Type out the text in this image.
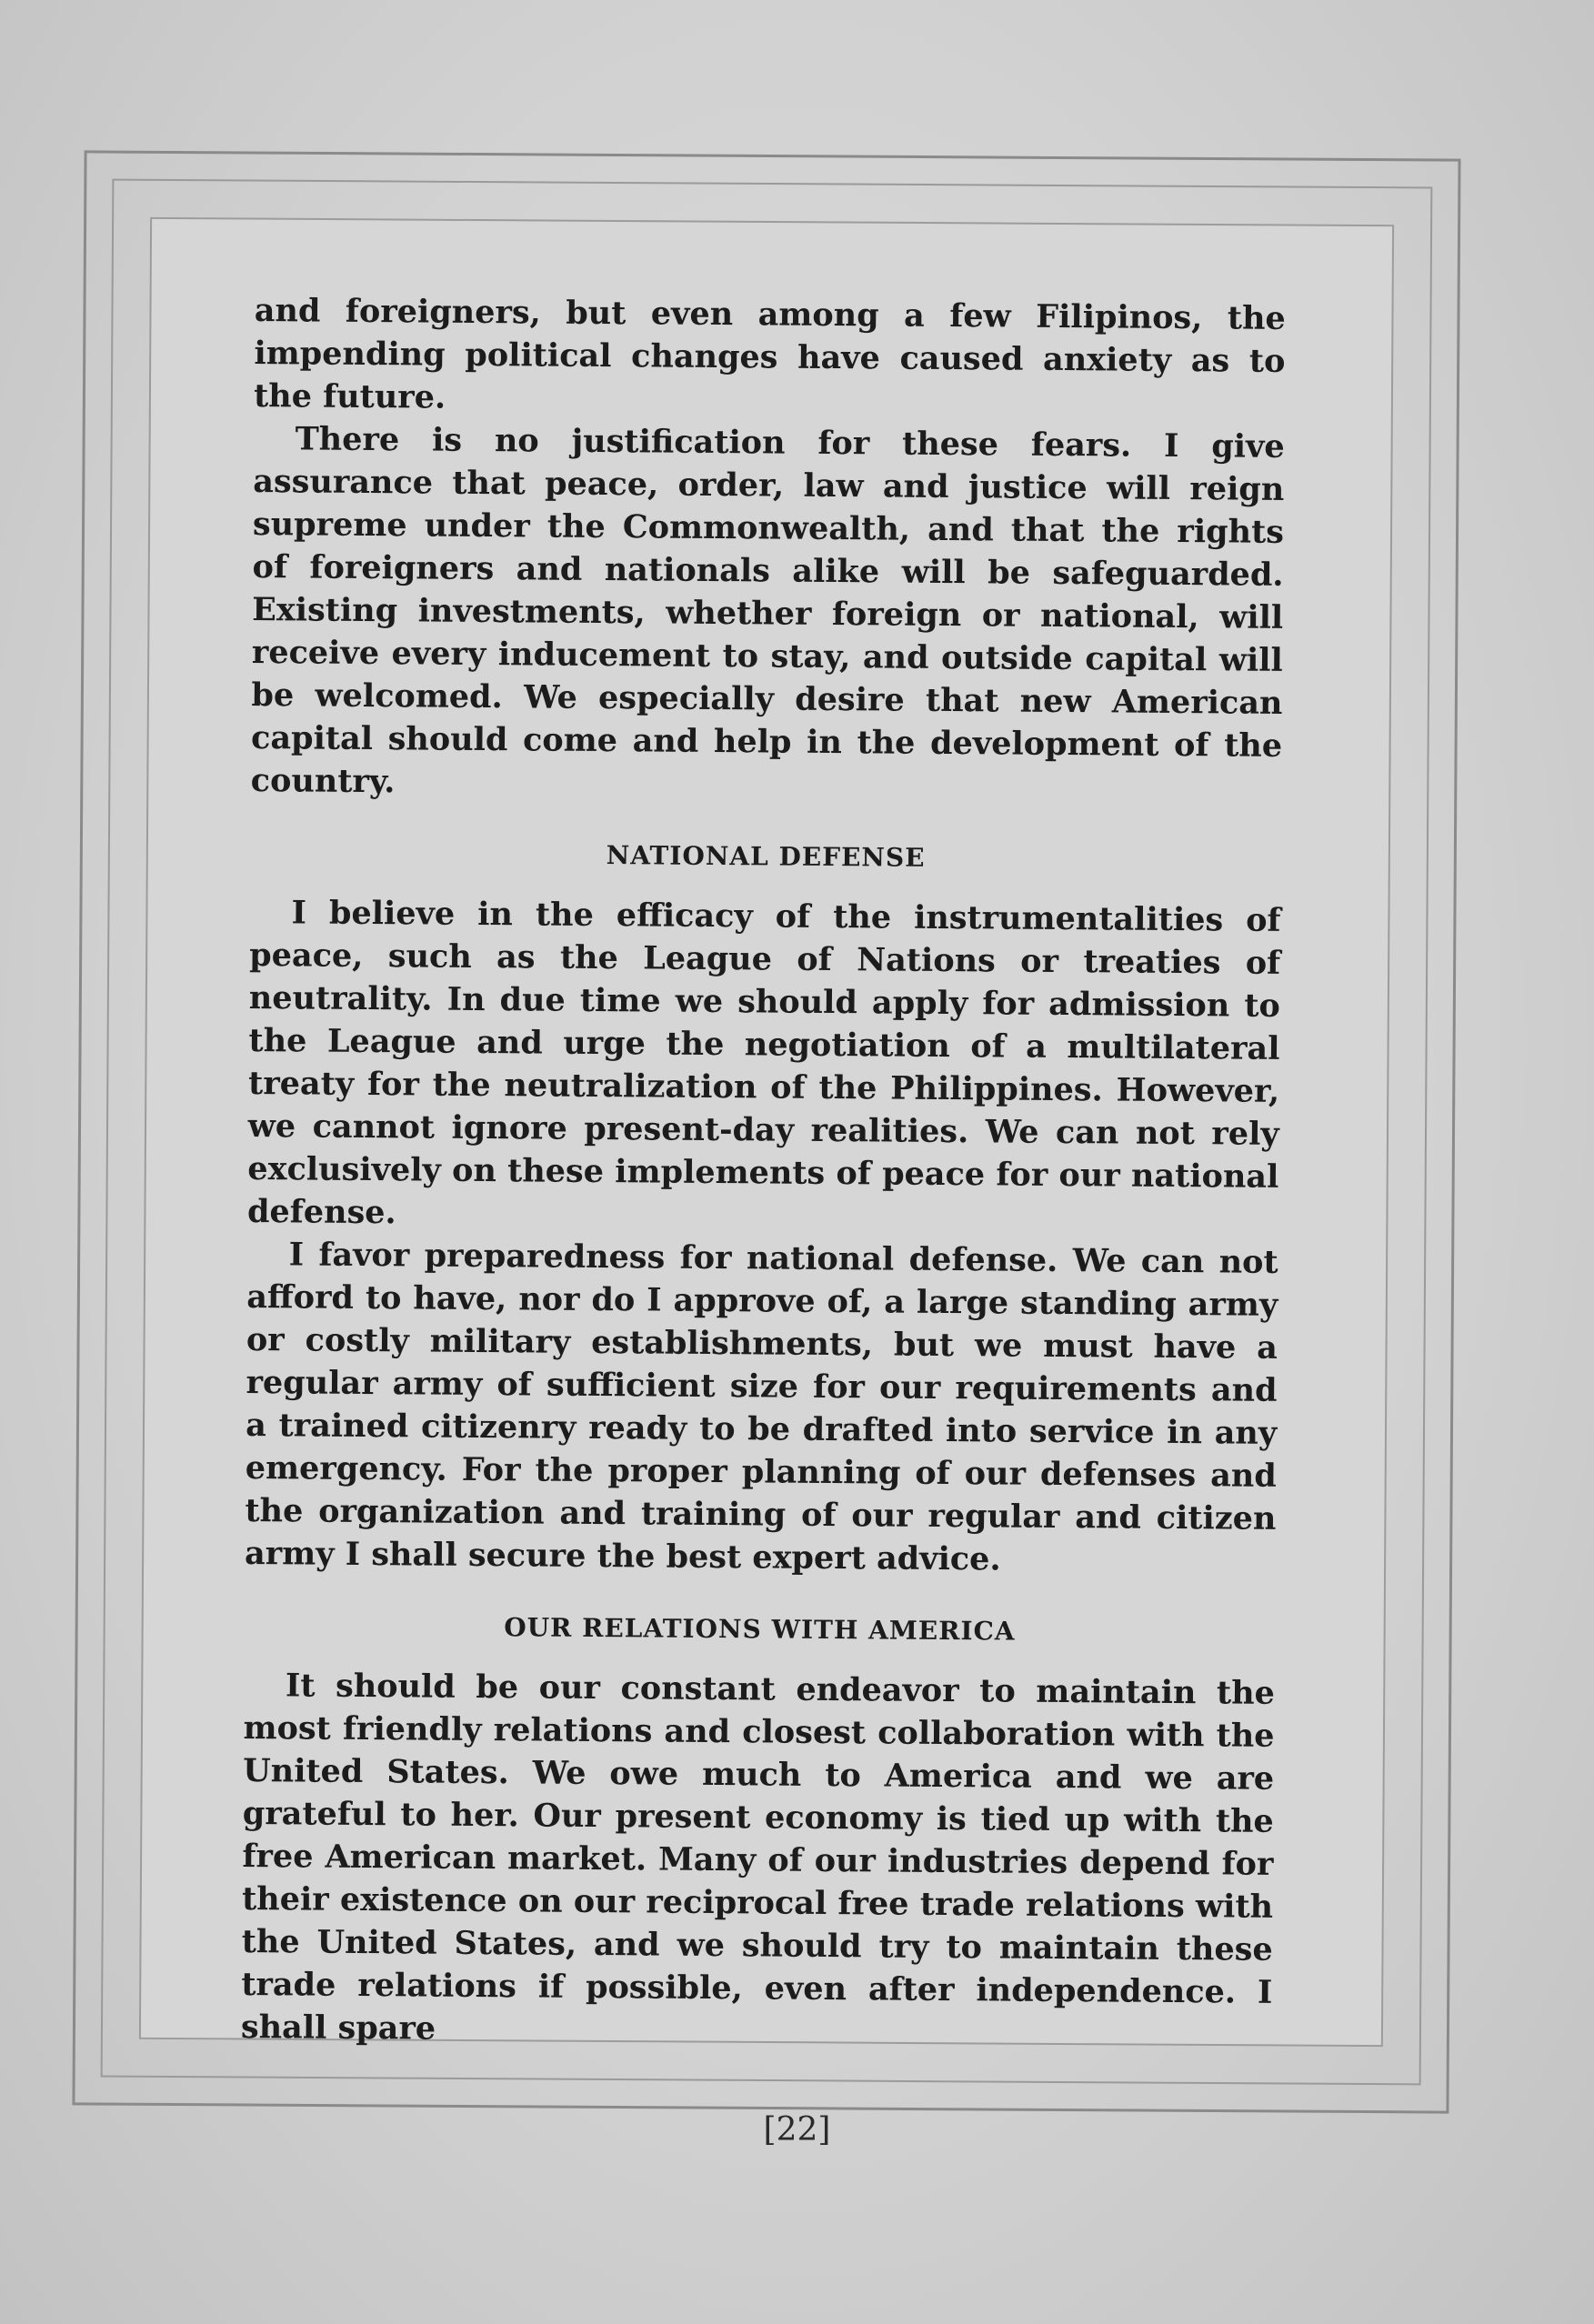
and foreigners, but even among a few Filipinos, the impending political changes have caused anxiety as to the future.

There is no justification for these fears. I give assurance that peace, order, law and justice will reign supreme under the Commonwealth, and that the rights of foreigners and nationals alike will be safeguarded. Existing investments, whether foreign or national, will receive every inducement to stay, and outside capital will be welcomed. We especially desire that new American capital should come and help in the development of the country.

NATIONAL DEFENSE

I believe in the efficacy of the instrumentalities of peace, such as the League of Nations or treaties of neutrality. In due time we should apply for admission to the League and urge the negotiation of a multilateral treaty for the neutralization of the Philippines. However, we cannot ignore present-day realities. We can not rely exclusively on these implements of peace for our national defense.

I favor preparedness for national defense. We can not afford to have, nor do I approve of, a large standing army or costly military establishments, but we must have a regular army of sufficient size for our requirements and a trained citizenry ready to be drafted into service in any emergency. For the proper planning of our defenses and the organization and training of our regular and citizen army I shall secure the best expert advice.

OUR RELATIONS WITH AMERICA

It should be our constant endeavor to maintain the most friendly relations and closest collaboration with the United States. We owe much to America and we are grateful to her. Our present economy is tied up with the free American market. Many of our industries depend for their existence on our reciprocal free trade relations with the United States, and we should try to maintain these trade relations if possible, even after independence. I shall spare

[22]
